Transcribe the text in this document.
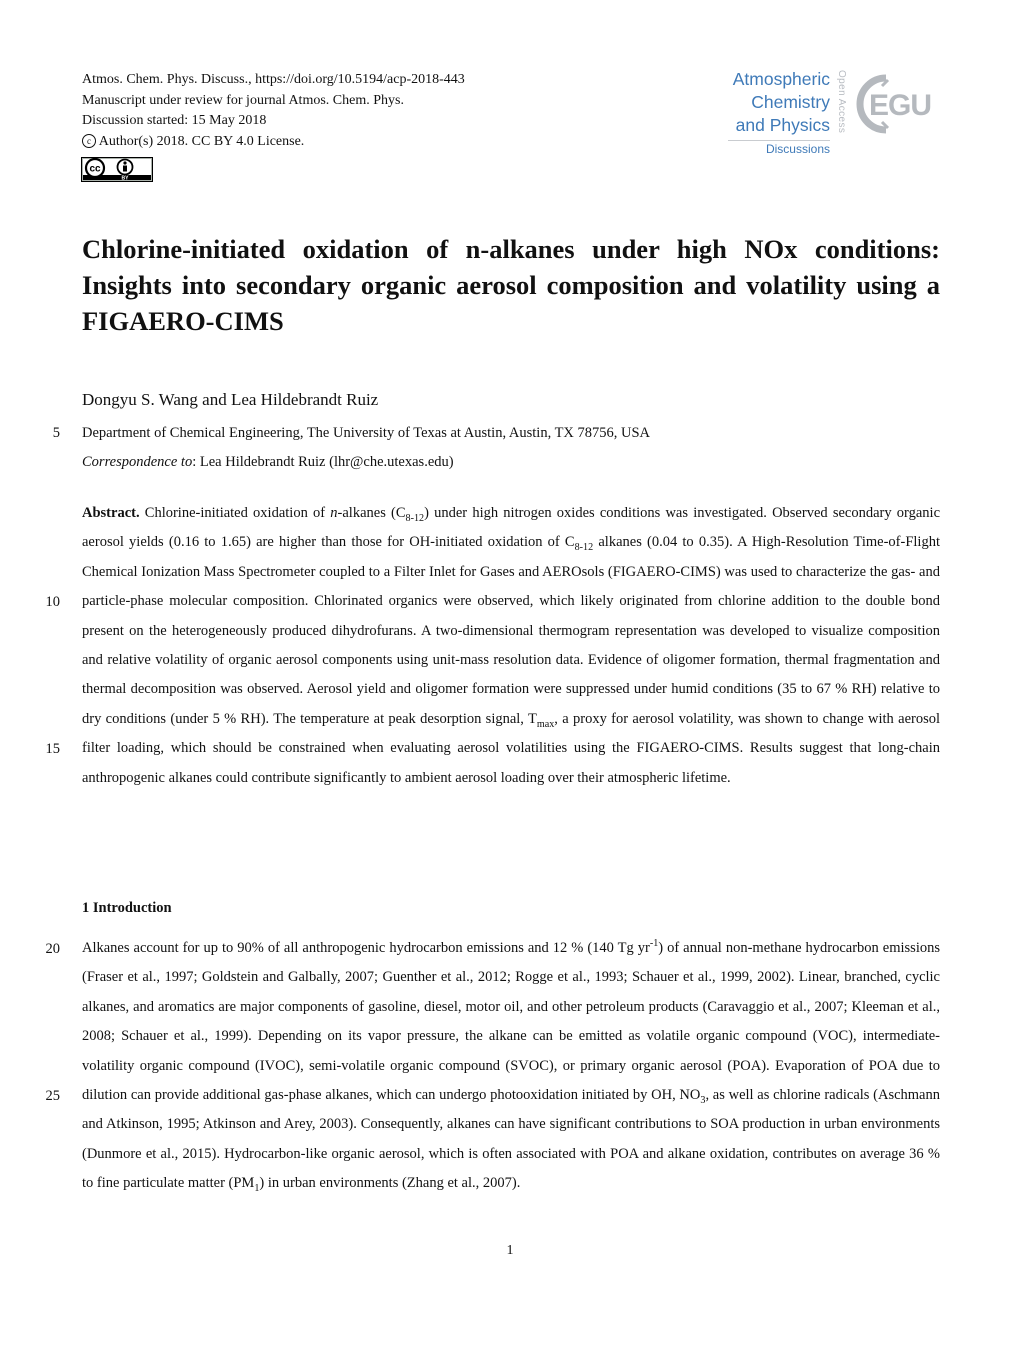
Atmos. Chem. Phys. Discuss., https://doi.org/10.5194/acp-2018-443
Manuscript under review for journal Atmos. Chem. Phys.
Discussion started: 15 May 2018
c Author(s) 2018. CC BY 4.0 License.
cc
BY
Atmospheric
Chemistry
and Physics
Discussions
Open Access EGU
Chlorine-initiated oxidation of n-alkanes under high NOx conditions: Insights into secondary organic aerosol composition and volatility using a FIGAERO-CIMS
Dongyu S. Wang and Lea Hildebrandt Ruiz
5 Department of Chemical Engineering, The University of Texas at Austin, Austin, TX 78756, USA
Correspondence to: Lea Hildebrandt Ruiz (lhr@che.utexas.edu)
Abstract. Chlorine-initiated oxidation of n-alkanes $(C_{8-12})$ under high nitrogen oxides conditions was investigated. Observed secondary organic aerosol yields (0.16 to 1.65) are higher than those for OH-initiated oxidation of $C_{8-12}$ alkanes (0.04 to 0.35). A High-Resolution Time-of-Flight Chemical Ionization Mass Spectrometer coupled to a Filter Inlet for Gases and AEROsols (FIGAERO-CIMS) was used to characterize the gas- and particle-phase molecular composition. Chlorinated organics were observed, which likely originated from chlorine addition to the double bond present on the heterogeneously produced dihydrofurans. A two-dimensional thermogram representation was developed to visualize composition and relative volatility of organic aerosol components using unit-mass resolution data. Evidence of oligomer formation, thermal fragmentation and thermal decomposition was observed. Aerosol yield and oligomer formation were suppressed under humid conditions (35 to 67 % RH) relative to dry conditions (under 5 % RH). The temperature at peak desorption signal, $T_{max}$, a proxy for aerosol volatility, was shown to change with aerosol filter loading, which should be constrained when evaluating aerosol volatilities using the FIGAERO-CIMS. Results suggest that long-chain anthropogenic alkanes could contribute significantly to ambient aerosol loading over their atmospheric lifetime.
10
15
1 Introduction
20 Alkanes account for up to 90% of all anthropogenic hydrocarbon emissions and 12 % (140 Tg $yr^{-1}$) of annual non-methane hydrocarbon emissions (Fraser et al., 1997; Goldstein and Galbally, 2007; Guenther et al., 2012; Rogge et al., 1993; Schauer et al., 1999, 2002). Linear, branched, cyclic alkanes, and aromatics are major components of gasoline, diesel, motor oil, and other petroleum products (Caravaggio et al., 2007; Kleeman et al., 2008; Schauer et al., 1999). Depending on its vapor pressure, the alkane can be emitted as volatile organic compound (VOC), intermediate-volatility organic compound (IVOC), semi-volatile organic compound (SVOC), or primary organic aerosol (POA). Evaporation of POA due to dilution can provide additional gas-phase alkanes, which can undergo photooxidation initiated by OH, $NO_3$, as well as chlorine radicals (Aschmann and Atkinson, 1995; Atkinson and Arey, 2003). Consequently, alkanes can have significant contributions to SOA production in urban environments (Dunmore et al., 2015). Hydrocarbon-like organic aerosol, which is often associated with POA and alkane oxidation, contributes on average 36 % to fine particulate matter $(PM_1)$ in urban environments (Zhang et al., 2007).
25
1
